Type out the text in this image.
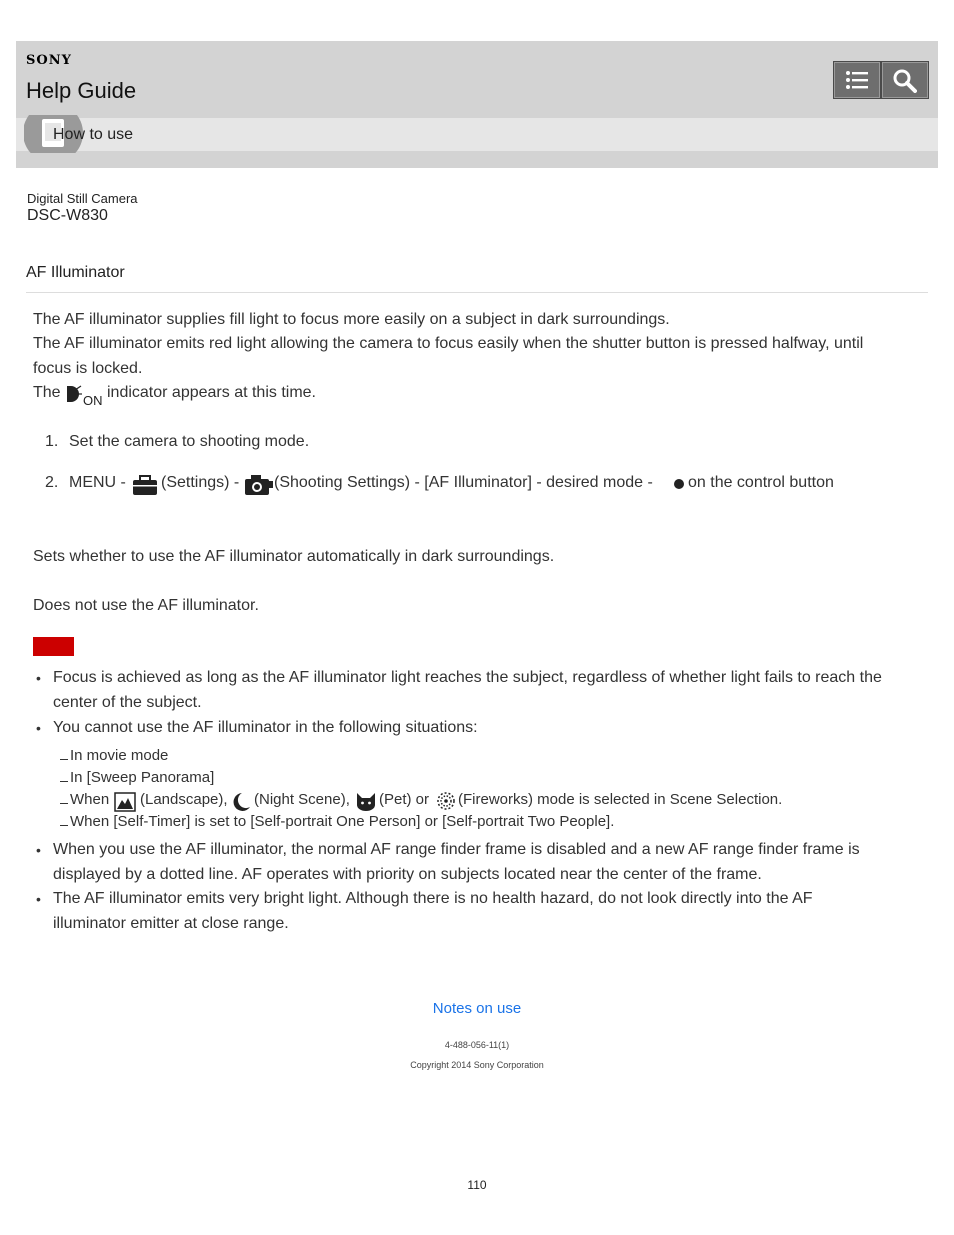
SONY
Help Guide
How to use
Digital Still Camera
DSC-W830
AF Illuminator
The AF illuminator supplies fill light to focus more easily on a subject in dark surroundings.
The AF illuminator emits red light allowing the camera to focus easily when the shutter button is pressed halfway, until
focus is locked.
The ON indicator appears at this time.
1. Set the camera to shooting mode.
2. MENU - (Settings) - (Shooting Settings) - [AF Illuminator] - desired mode - on the control button
Sets whether to use the AF illuminator automatically in dark surroundings.
Does not use the AF illuminator.
• Focus is achieved as long as the AF illuminator light reaches the subject, regardless of whether light fails to reach the
center of the subject.
• You cannot use the AF illuminator in the following situations:
In movie mode
In [Sweep Panorama]
When (Landscape), (Night Scene), (Pet) or (Fireworks) mode is selected in Scene Selection.
When [Self-Timer] is set to [Self-portrait One Person] or [Self-portrait Two People].
• When you use the AF illuminator, the normal AF range finder frame is disabled and a new AF range finder frame is
displayed by a dotted line. AF operates with priority on subjects located near the center of the frame.
• The AF illuminator emits very bright light. Although there is no health hazard, do not look directly into the AF
illuminator emitter at close range.
Notes on use
4-488-056-11(1)
Copyright 2014 Sony Corporation
110
